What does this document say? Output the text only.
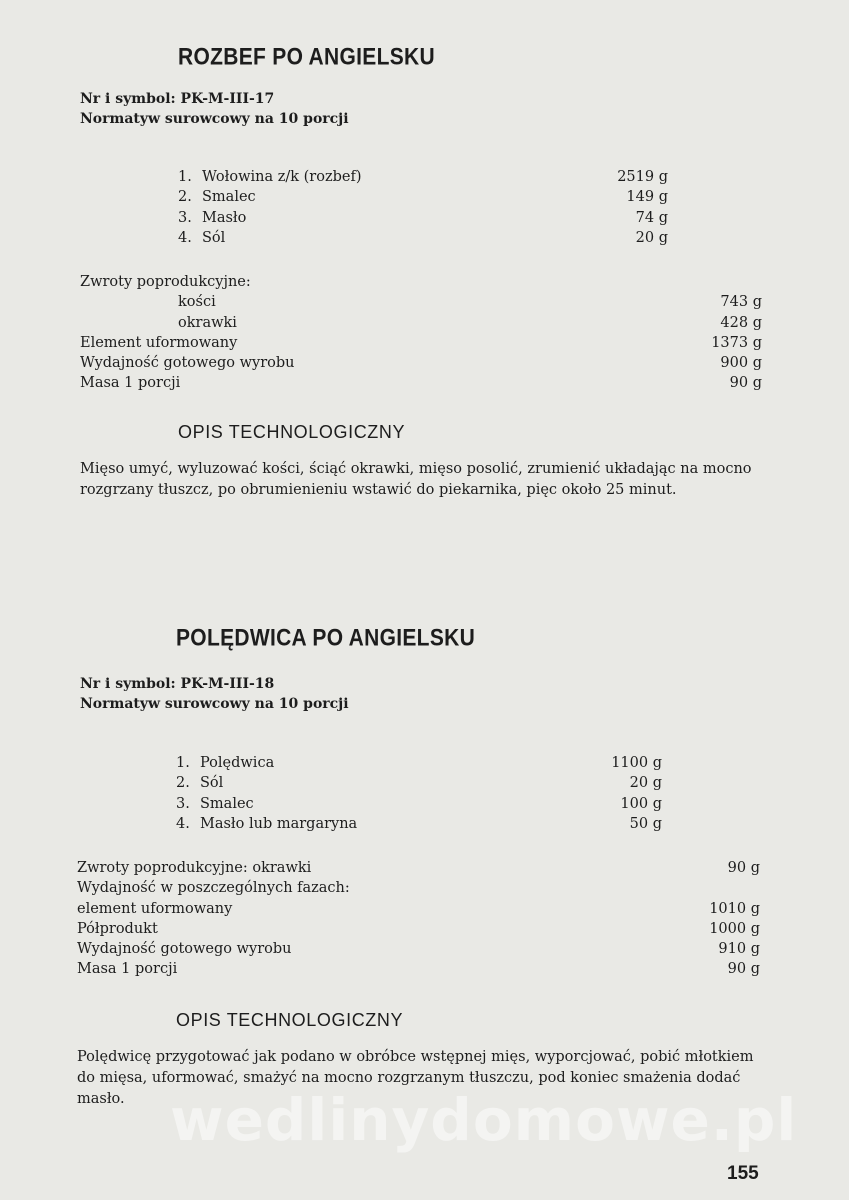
ROZBEF PO ANGIELSKU
Nr i symbol: PK-M-III-17
Normatyw surowcowy na 10 porcji
1. Wołowina z/k (rozbef)	2519 g
2. Smalec	149 g
3. Masło	74 g
4. Sól	20 g
Zwroty poprodukcyjne:
kości	743 g
okrawki	428 g
Element uformowany	1373 g
Wydajność gotowego wyrobu	900 g
Masa 1 porcji	90 g
OPIS TECHNOLOGICZNY
Mięso umyć, wyluzować kości, ściąć okrawki, mięso posolić, zrumienić układając na mocno rozgrzany tłuszcz, po obrumienieniu wstawić do piekarnika, pięc około 25 minut.
POLĘDWICA PO ANGIELSKU
Nr i symbol: PK-M-III-18
Normatyw surowcowy na 10 porcji
1. Polędwica	1100 g
2. Sól	20 g
3. Smalec	100 g
4. Masło lub margaryna	50 g
Zwroty poprodukcyjne: okrawki	90 g
Wydajność w poszczególnych fazach:
element uformowany	1010 g
Półprodukt	1000 g
Wydajność gotowego wyrobu	910 g
Masa 1 porcji	90 g
OPIS TECHNOLOGICZNY
Polędwicę przygotować jak podano w obróbce wstępnej mięs, wyporcjować, pobić młotkiem do mięsa, uformować, smażyć na mocno rozgrzanym tłuszczu, pod koniec smażenia dodać masło. wedlinydomowe.pl
155
